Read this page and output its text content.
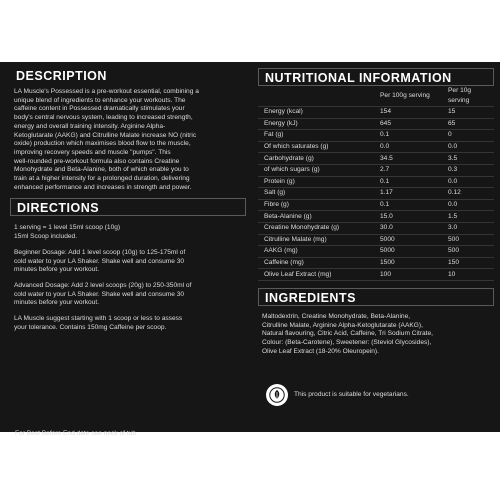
DESCRIPTION

LA Muscle's Possessed is a pre-workout essential, combining a

unique blend of ingredients to enhance your workouts. The

caffeine content in Possessed dramatically stimulates your

body's central nervous system, leading to increased strength,

energy and overall training intensity. Arginine Alpha-

Ketoglutarate (AAKG) and Citrulline Malate increase NO (nitric

oxide) production which maximises blood flow to the muscle,

improving recovery speeds and muscle "pumps". This

well-rounded pre-workout formula also contains Creatine

Monohydrate and Beta-Alanine, both of which enable you to

train at a higher intensity for a prolonged duration, delivering

enhanced performance and increases in strength and power.

DIRECTIONS

1 serving = 1 level 15ml scoop (10g)

15ml Scoop included.

Beginner Dosage: Add 1 level scoop (10g) to 125-175ml of

cold water to your LA Shaker. Shake well and consume 30

minutes before your workout.

Advanced Dosage: Add 2 level scoops (20g) to 250-350ml of

cold water to your LA Shaker. Shake well and consume 30

minutes before your workout.

LA Muscle suggest starting with 1 scoop or less to assess

your tolerance. Contains 150mg Caffeine per scoop.

NUTRITIONAL INFORMATION
	Per 100g serving	Per 10g serving
Energy (kcal)	154	15
Energy (kJ)	645	65
Fat (g)	0.1	0
Of which saturates (g)	0.0	0.0
Carbohydrate (g)	34.5	3.5
of which sugars (g)	2.7	0.3
Protein (g)	0.1	0.0
Salt (g)	1.17	0.12
Fibre (g)	0.1	0.0
Beta-Alanine (g)	15.0	1.5
Creatine Monohydrate (g)	30.0	3.0
Citrulline Malate (mg)	5000	500
AAKG (mg)	5000	500
Caffeine (mg)	1500	150
Olive Leaf Extract (mg)	100	10
INGREDIENTS

Maltodextrin, Creatine Monohydrate, Beta-Alanine,

Citrulline Malate, Arginine Alpha-Ketoglutarate (AAKG),

Natural flavouring, Citric Acid, Caffeine, Tri Sodium Citrate,

Colour: (Beta-Carotene), Sweetener: (Steviol Glycosides),

Olive Leaf Extract (18-20% Oleuropein).

This product is suitable for vegetarians.
For Best Before End date see neck of tub
